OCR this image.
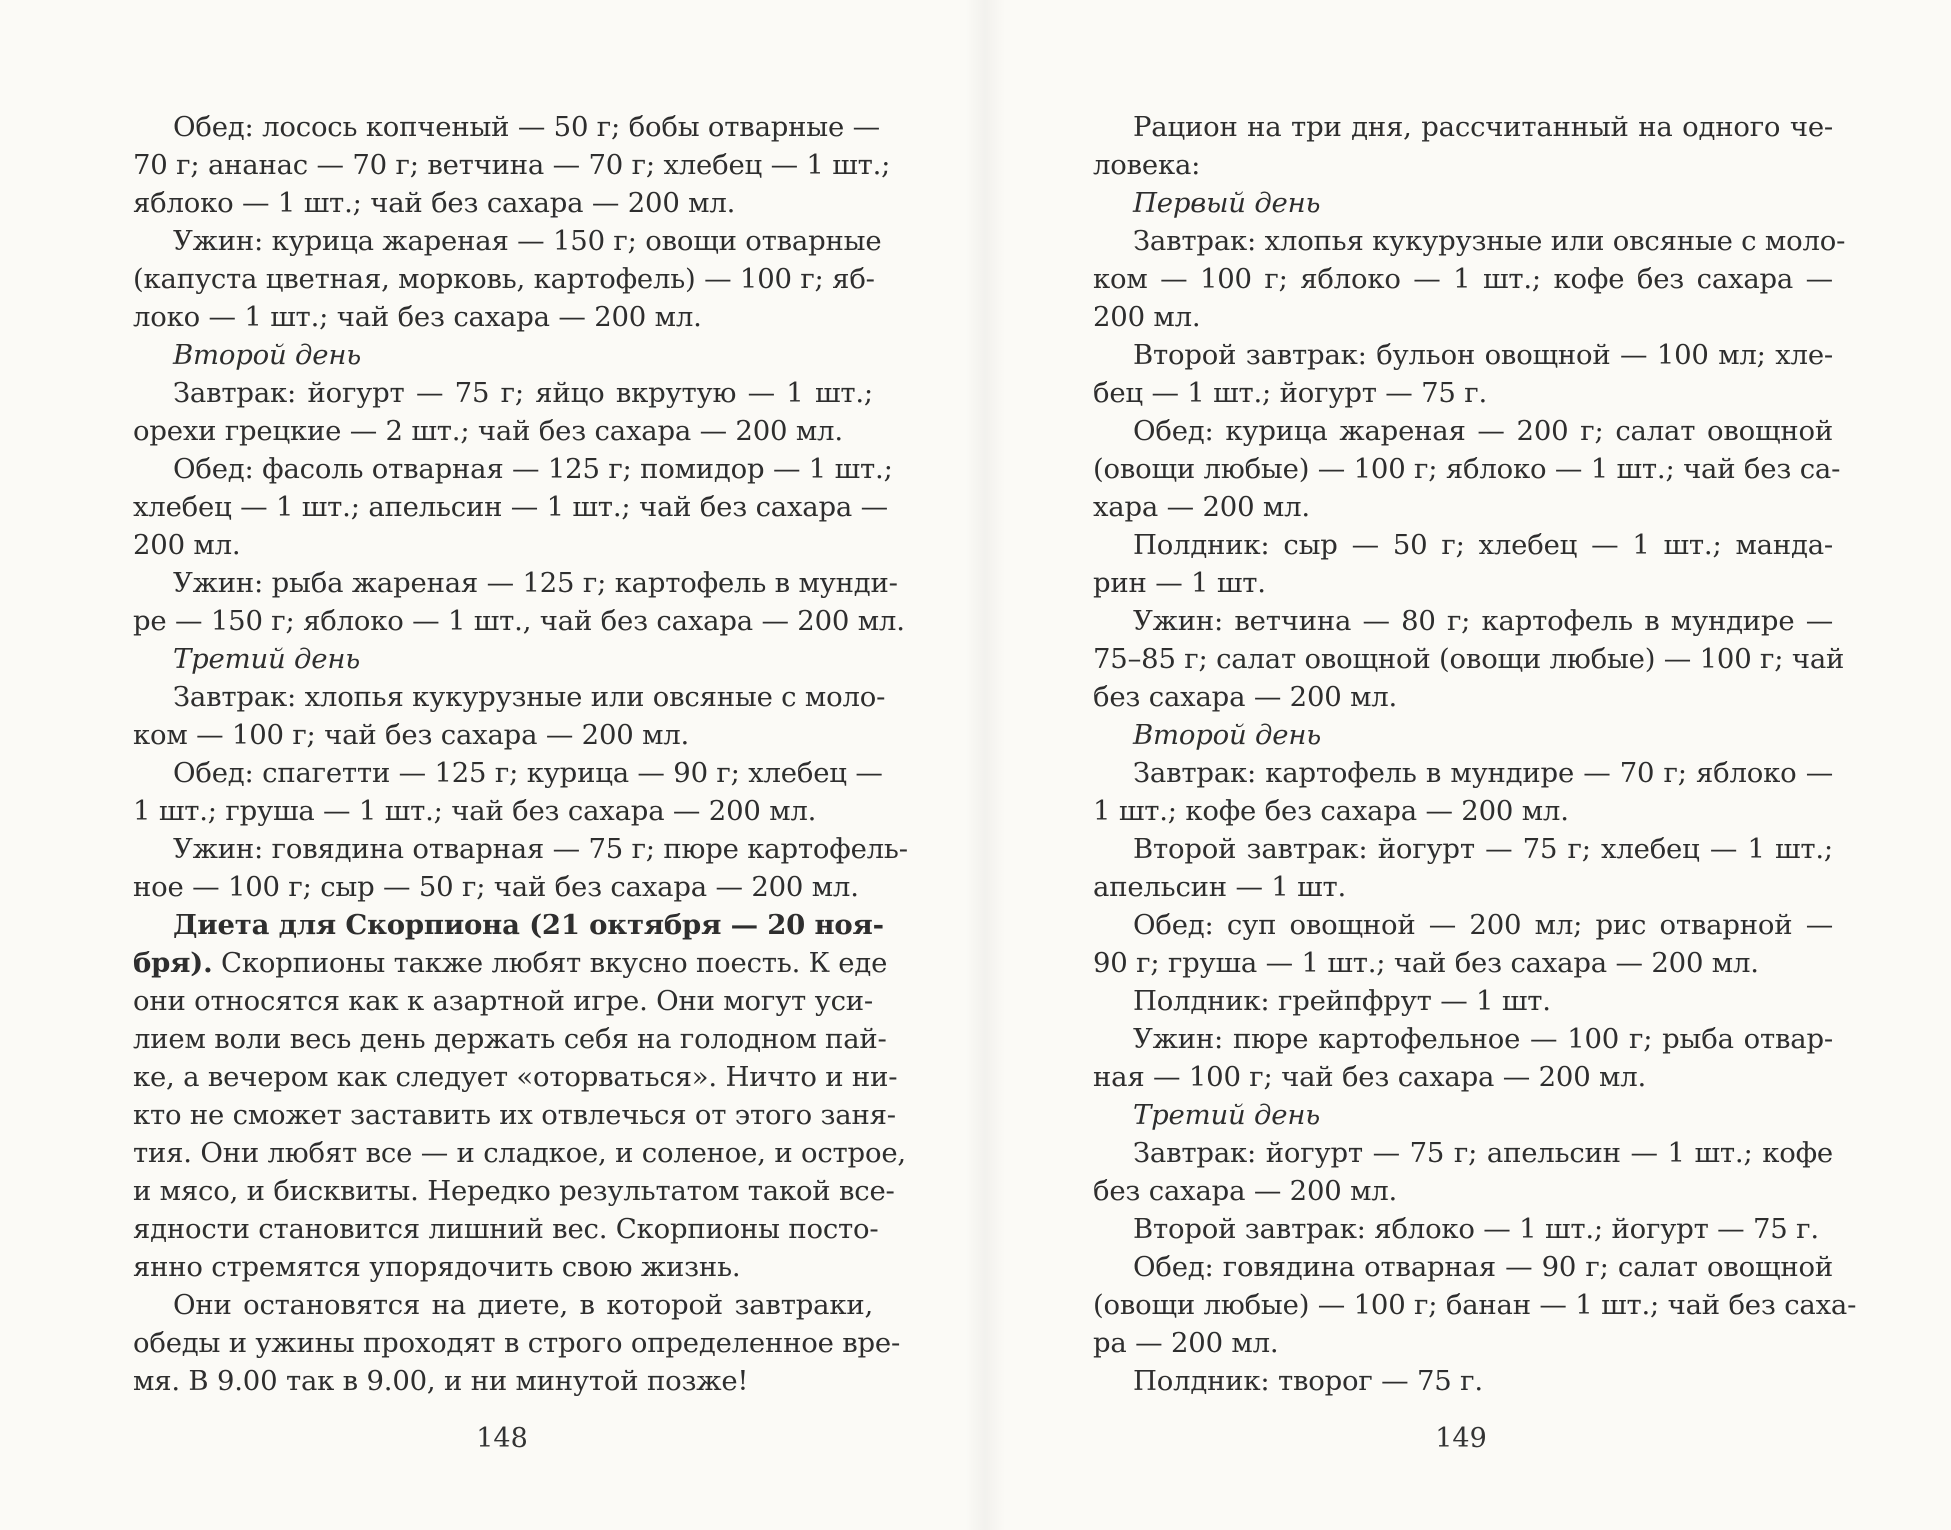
Обед: лосось копченый — 50 г; бобы отварные —
70 г; ананас — 70 г; ветчина — 70 г; хлебец — 1 шт.;
яблоко — 1 шт.; чай без сахара — 200 мл.
Ужин: курица жареная — 150 г; овощи отварные
(капуста цветная, морковь, картофель) — 100 г; яб-
локо — 1 шт.; чай без сахара — 200 мл.
Второй день
Завтрак: йогурт — 75 г; яйцо вкрутую — 1 шт.;
орехи грецкие — 2 шт.; чай без сахара — 200 мл.
Обед: фасоль отварная — 125 г; помидор — 1 шт.;
хлебец — 1 шт.; апельсин — 1 шт.; чай без сахара —
200 мл.
Ужин: рыба жареная — 125 г; картофель в мунди-
ре — 150 г; яблоко — 1 шт., чай без сахара — 200 мл.
Третий день
Завтрак: хлопья кукурузные или овсяные с моло-
ком — 100 г; чай без сахара — 200 мл.
Обед: спагетти — 125 г; курица — 90 г; хлебец —
1 шт.; груша — 1 шт.; чай без сахара — 200 мл.
Ужин: говядина отварная — 75 г; пюре картофель-
ное — 100 г; сыр — 50 г; чай без сахара — 200 мл.
Диета для Скорпиона (21 октября — 20 ноя-
бря). Скорпионы также любят вкусно поесть. К еде
они относятся как к азартной игре. Они могут уси-
лием воли весь день держать себя на голодном пай-
ке, а вечером как следует «оторваться». Ничто и ни-
кто не сможет заставить их отвлечься от этого заня-
тия. Они любят все — и сладкое, и соленое, и острое,
и мясо, и бисквиты. Нередко результатом такой все-
ядности становится лишний вес. Скорпионы посто-
янно стремятся упорядочить свою жизнь.
Они остановятся на диете, в которой завтраки,
обеды и ужины проходят в строго определенное вре-
мя. В 9.00 так в 9.00, и ни минутой позже!
Рацион на три дня, рассчитанный на одного че-
ловека:
Первый день
Завтрак: хлопья кукурузные или овсяные с моло-
ком — 100 г; яблоко — 1 шт.; кофе без сахара —
200 мл.
Второй завтрак: бульон овощной — 100 мл; хле-
бец — 1 шт.; йогурт — 75 г.
Обед: курица жареная — 200 г; салат овощной
(овощи любые) — 100 г; яблоко — 1 шт.; чай без са-
хара — 200 мл.
Полдник: сыр — 50 г; хлебец — 1 шт.; манда-
рин — 1 шт.
Ужин: ветчина — 80 г; картофель в мундире —
75–85 г; салат овощной (овощи любые) — 100 г; чай
без сахара — 200 мл.
Второй день
Завтрак: картофель в мундире — 70 г; яблоко —
1 шт.; кофе без сахара — 200 мл.
Второй завтрак: йогурт — 75 г; хлебец — 1 шт.;
апельсин — 1 шт.
Обед: суп овощной — 200 мл; рис отварной —
90 г; груша — 1 шт.; чай без сахара — 200 мл.
Полдник: грейпфрут — 1 шт.
Ужин: пюре картофельное — 100 г; рыба отвар-
ная — 100 г; чай без сахара — 200 мл.
Третий день
Завтрак: йогурт — 75 г; апельсин — 1 шт.; кофе
без сахара — 200 мл.
Второй завтрак: яблоко — 1 шт.; йогурт — 75 г.
Обед: говядина отварная — 90 г; салат овощной
(овощи любые) — 100 г; банан — 1 шт.; чай без саха-
ра — 200 мл.
Полдник: творог — 75 г.
148	149
